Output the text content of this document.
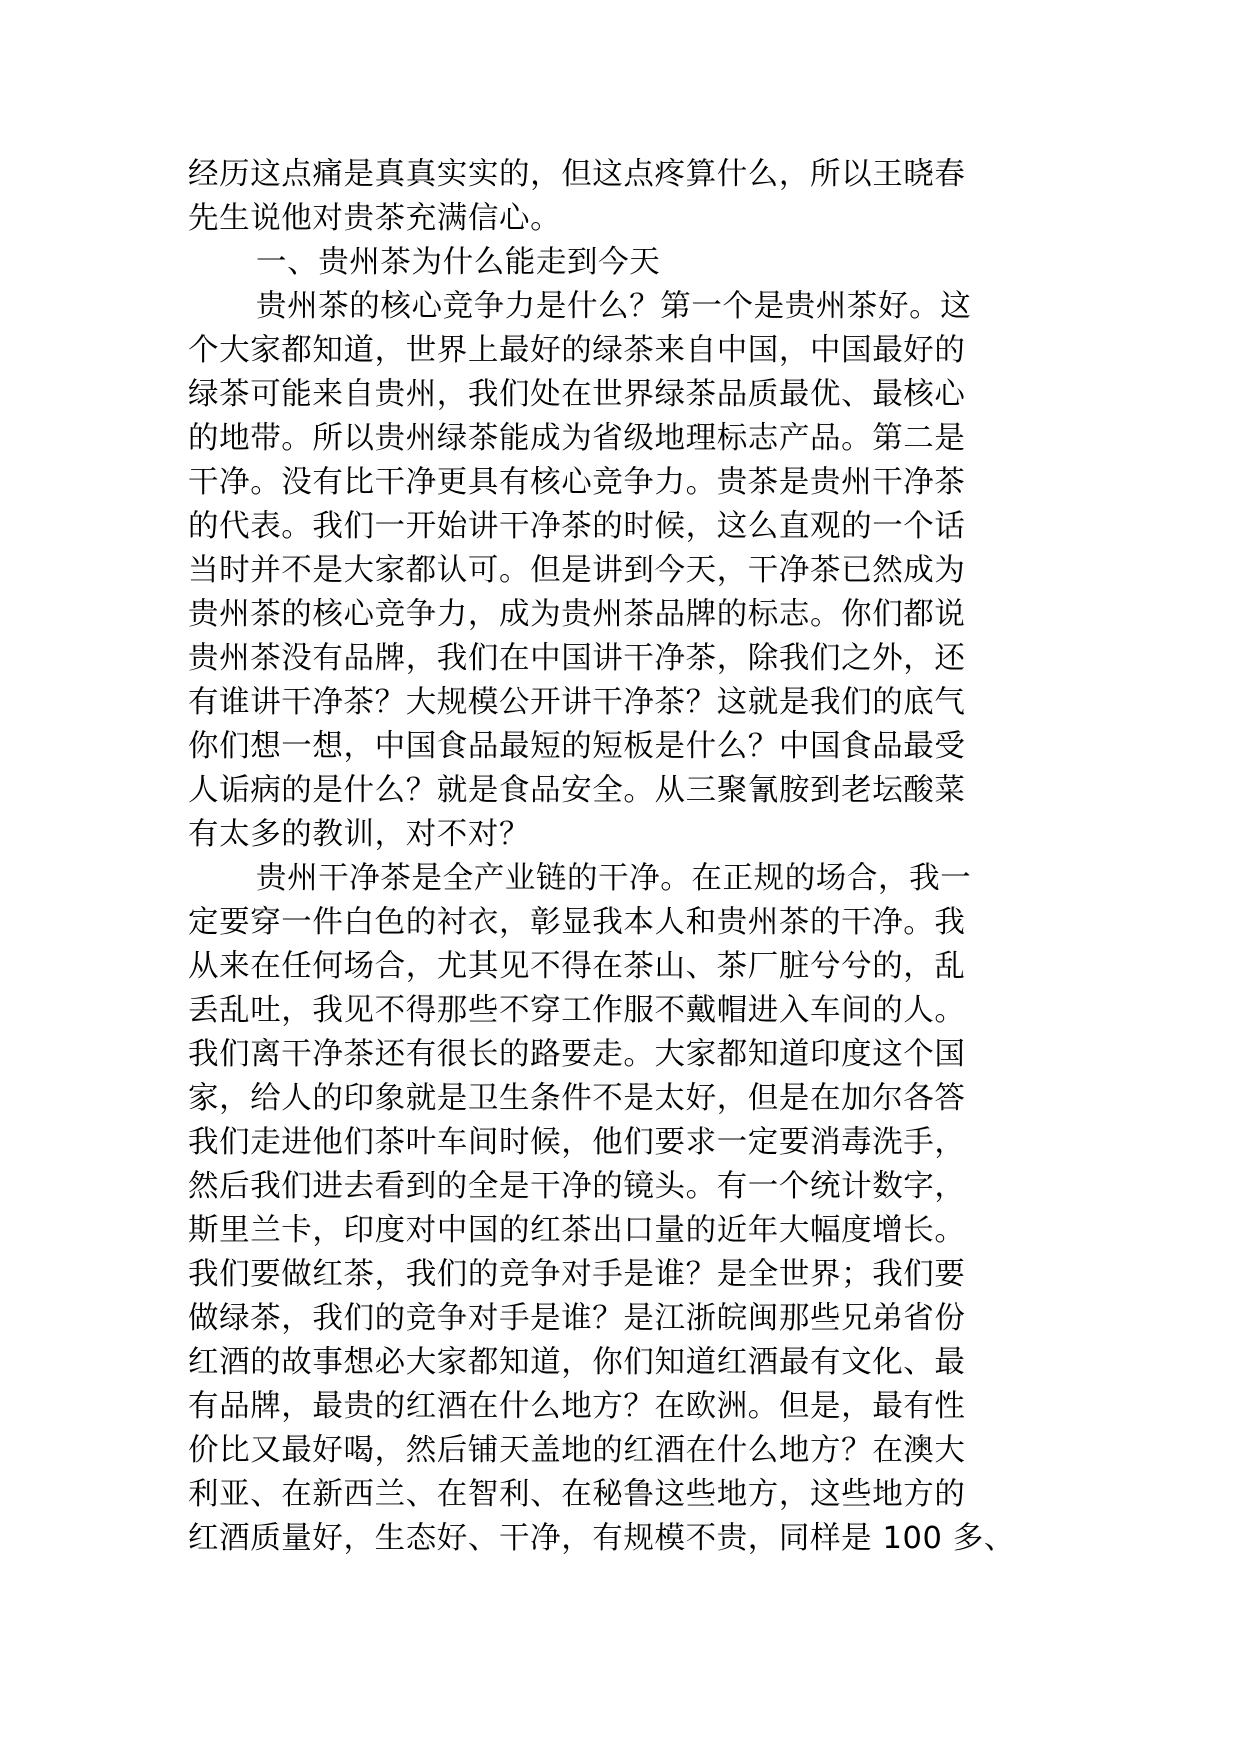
经历这点痛是真真实实的，但这点疼算什么，所以王晓春
先生说他对贵茶充满信心。
一、贵州茶为什么能走到今天
贵州茶的核心竞争力是什么？第一个是贵州茶好。这
个大家都知道，世界上最好的绿茶来自中国，中国最好的
绿茶可能来自贵州，我们处在世界绿茶品质最优、最核心
的地带。所以贵州绿茶能成为省级地理标志产品。第二是
干净。没有比干净更具有核心竞争力。贵茶是贵州干净茶
的代表。我们一开始讲干净茶的时候，这么直观的一个话
当时并不是大家都认可。但是讲到今天，干净茶已然成为
贵州茶的核心竞争力，成为贵州茶品牌的标志。你们都说
贵州茶没有品牌，我们在中国讲干净茶，除我们之外，还
有谁讲干净茶？大规模公开讲干净茶？这就是我们的底气
你们想一想，中国食品最短的短板是什么？中国食品最受
人诟病的是什么？就是食品安全。从三聚氰胺到老坛酸菜
有太多的教训，对不对？
贵州干净茶是全产业链的干净。在正规的场合，我一
定要穿一件白色的衬衣，彰显我本人和贵州茶的干净。我
从来在任何场合，尤其见不得在茶山、茶厂脏兮兮的，乱
丢乱吐，我见不得那些不穿工作服不戴帽进入车间的人。
我们离干净茶还有很长的路要走。大家都知道印度这个国
家，给人的印象就是卫生条件不是太好，但是在加尔各答
我们走进他们茶叶车间时候，他们要求一定要消毒洗手，
然后我们进去看到的全是干净的镜头。有一个统计数字，
斯里兰卡，印度对中国的红茶出口量的近年大幅度增长。
我们要做红茶，我们的竞争对手是谁？是全世界；我们要
做绿茶，我们的竞争对手是谁？是江浙皖闽那些兄弟省份
红酒的故事想必大家都知道，你们知道红酒最有文化、最
有品牌，最贵的红酒在什么地方？在欧洲。但是，最有性
价比又最好喝，然后铺天盖地的红酒在什么地方？在澳大
利亚、在新西兰、在智利、在秘鲁这些地方，这些地方的
红酒质量好，生态好、干净，有规模不贵，同样是 100 多、
